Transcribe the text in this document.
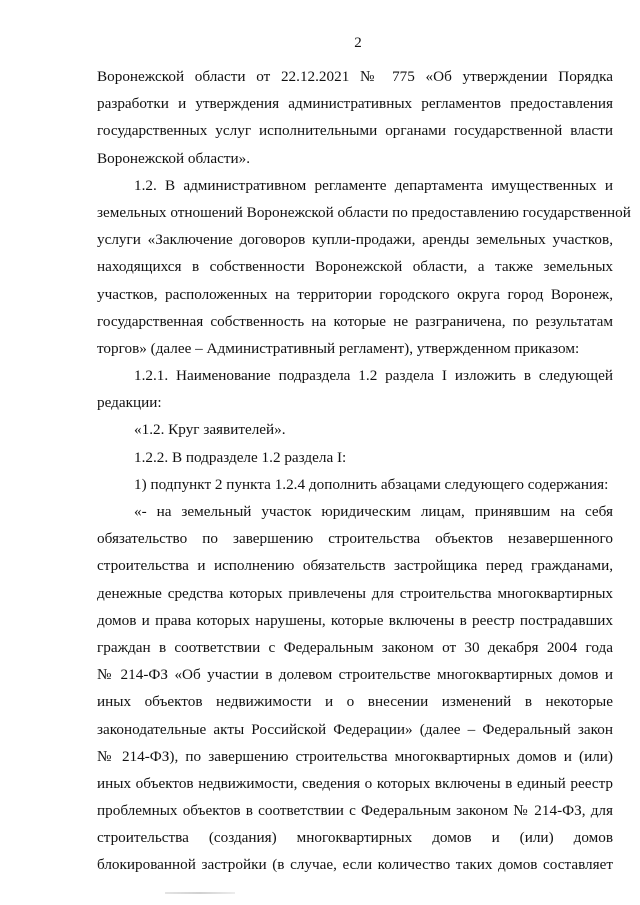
2
Воронежской области от 22.12.2021 № 775 «Об утверждении Порядка
разработки и утверждения административных регламентов предоставления
государственных услуг исполнительными органами государственной власти
Воронежской области».
1.2. В административном регламенте департамента имущественных и
земельных отношений Воронежской области по предоставлению государственной
услуги «Заключение договоров купли-продажи, аренды земельных участков,
находящихся в собственности Воронежской области, а также земельных
участков, расположенных на территории городского округа город Воронеж,
государственная собственность на которые не разграничена, по результатам
торгов» (далее – Административный регламент), утвержденном приказом:
1.2.1. Наименование подраздела 1.2 раздела I изложить в следующей
редакции:
«1.2. Круг заявителей».
1.2.2. В подразделе 1.2 раздела I:
1) подпункт 2 пункта 1.2.4 дополнить абзацами следующего содержания:
«- на земельный участок юридическим лицам, принявшим на себя
обязательство по завершению строительства объектов незавершенного
строительства и исполнению обязательств застройщика перед гражданами,
денежные средства которых привлечены для строительства многоквартирных
домов и права которых нарушены, которые включены в реестр пострадавших
граждан в соответствии с Федеральным законом от 30 декабря 2004 года
№ 214-ФЗ «Об участии в долевом строительстве многоквартирных домов и
иных объектов недвижимости и о внесении изменений в некоторые
законодательные акты Российской Федерации» (далее – Федеральный закон
№ 214-ФЗ), по завершению строительства многоквартирных домов и (или)
иных объектов недвижимости, сведения о которых включены в единый реестр
проблемных объектов в соответствии с Федеральным законом № 214-ФЗ, для
строительства (создания) многоквартирных домов и (или) домов
блокированной застройки (в случае, если количество таких домов составляет
